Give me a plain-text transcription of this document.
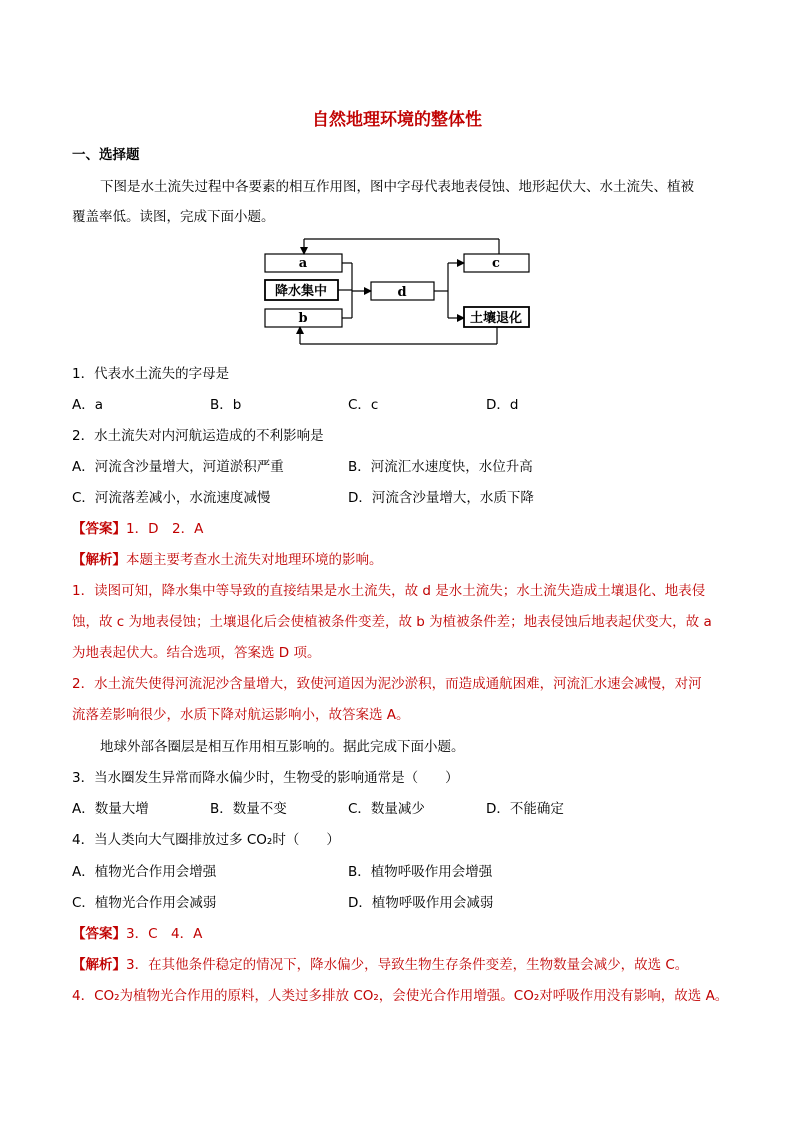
自然地理环境的整体性
一、选择题
下图是水土流失过程中各要素的相互作用图，图中字母代表地表侵蚀、地形起伏大、水土流失、植被
覆盖率低。读图，完成下面小题。
a
降水集中
b
d
c
土壤退化
1．代表水土流失的字母是
A．a	B．b	C．c	D．d
2．水土流失对内河航运造成的不利影响是
A．河流含沙量增大，河道淤积严重	B．河流汇水速度快，水位升高
C．河流落差减小，水流速度减慢	D．河流含沙量增大，水质下降
【答案】1．D　2．A
【解析】本题主要考查水土流失对地理环境的影响。
1．读图可知，降水集中等导致的直接结果是水土流失，故 d 是水土流失；水土流失造成土壤退化、地表侵
蚀，故 c 为地表侵蚀；土壤退化后会使植被条件变差，故 b 为植被条件差；地表侵蚀后地表起伏变大，故 a
为地表起伏大。结合选项，答案选 D 项。
2．水土流失使得河流泥沙含量增大，致使河道因为泥沙淤积，而造成通航困难，河流汇水速会减慢，对河
流落差影响很少，水质下降对航运影响小，故答案选 A。
地球外部各圈层是相互作用相互影响的。据此完成下面小题。
3．当水圈发生异常而降水偏少时，生物受的影响通常是（　　）
A．数量大增	B．数量不变	C．数量减少	D．不能确定
4．当人类向大气圈排放过多 CO₂时（　　）
A．植物光合作用会增强	B．植物呼吸作用会增强
C．植物光合作用会减弱	D．植物呼吸作用会减弱
【答案】3．C　4．A
【解析】3．在其他条件稳定的情况下，降水偏少，导致生物生存条件变差，生物数量会减少，故选 C。
4．CO₂为植物光合作用的原料，人类过多排放 CO₂，会使光合作用增强。CO₂对呼吸作用没有影响，故选 A。
